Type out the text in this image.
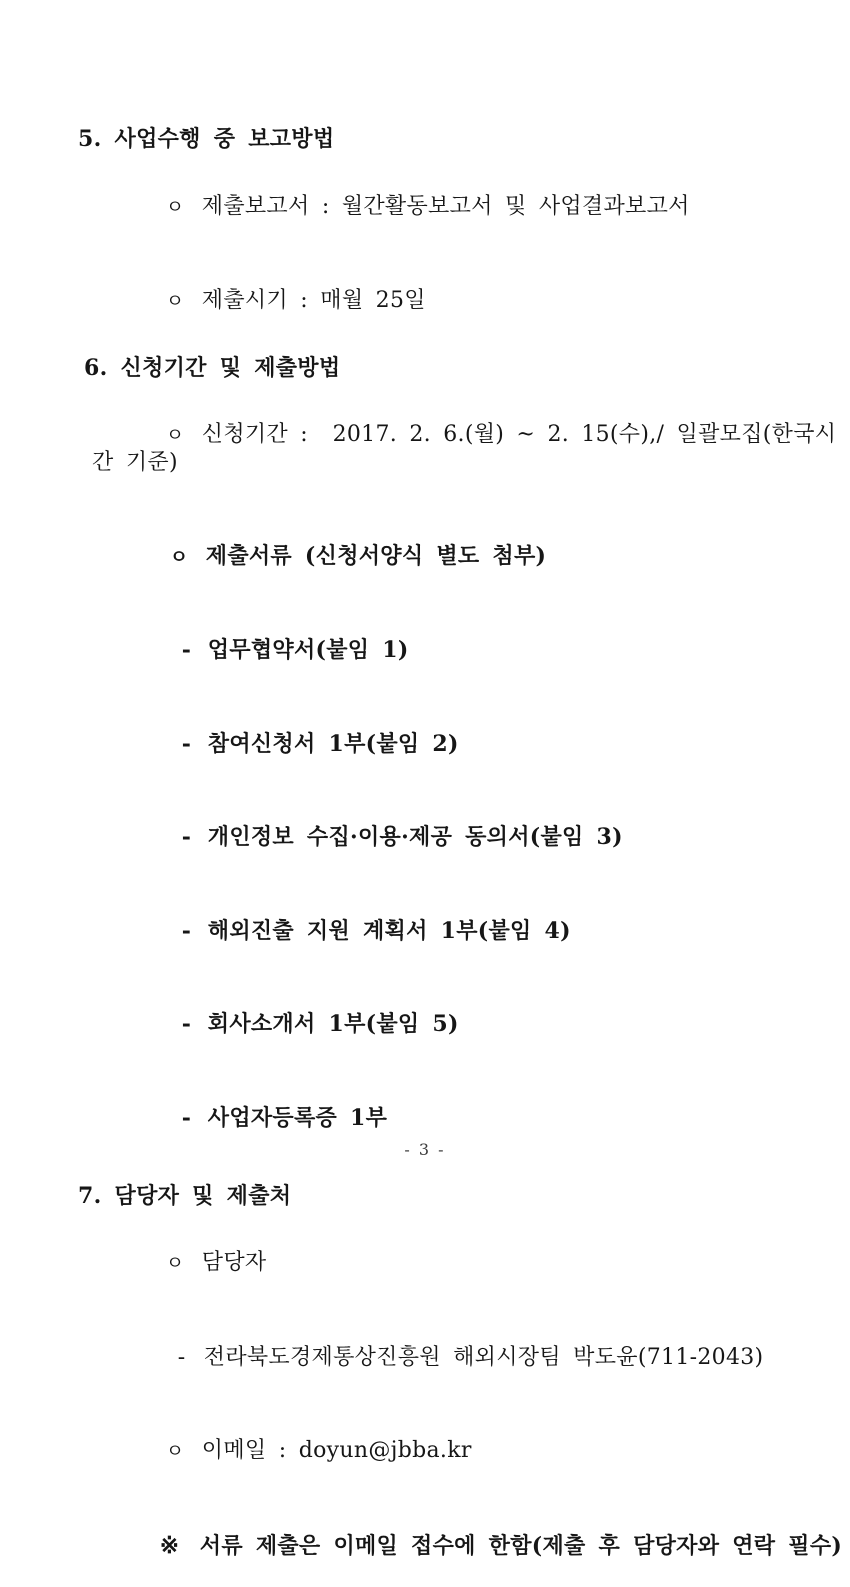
5. 사업수행 중 보고방법

ㅇ 제출보고서 : 월간활동보고서 및 사업결과보고서

ㅇ 제출시기 : 매월 25일

6. 신청기간 및 제출방법

ㅇ 신청기간 :  2017. 2. 6.(월) ~ 2. 15(수),/ 일괄모집(한국시간 기준)

ㅇ 제출서류 (신청서양식 별도 첨부)

- 업무협약서(붙임 1)

- 참여신청서 1부(붙임 2)

- 개인정보 수집·이용·제공 동의서(붙임 3)

- 해외진출 지원 계획서 1부(붙임 4)

- 회사소개서 1부(붙임 5)

- 사업자등록증 1부

7. 담당자 및 제출처

ㅇ 담당자

- 전라북도경제통상진흥원 해외시장팀 박도윤(711-2043)

ㅇ 이메일 : doyun@jbba.kr

※ 서류 제출은 이메일 접수에 한함(제출 후 담당자와 연락 필수)

- 3 -
